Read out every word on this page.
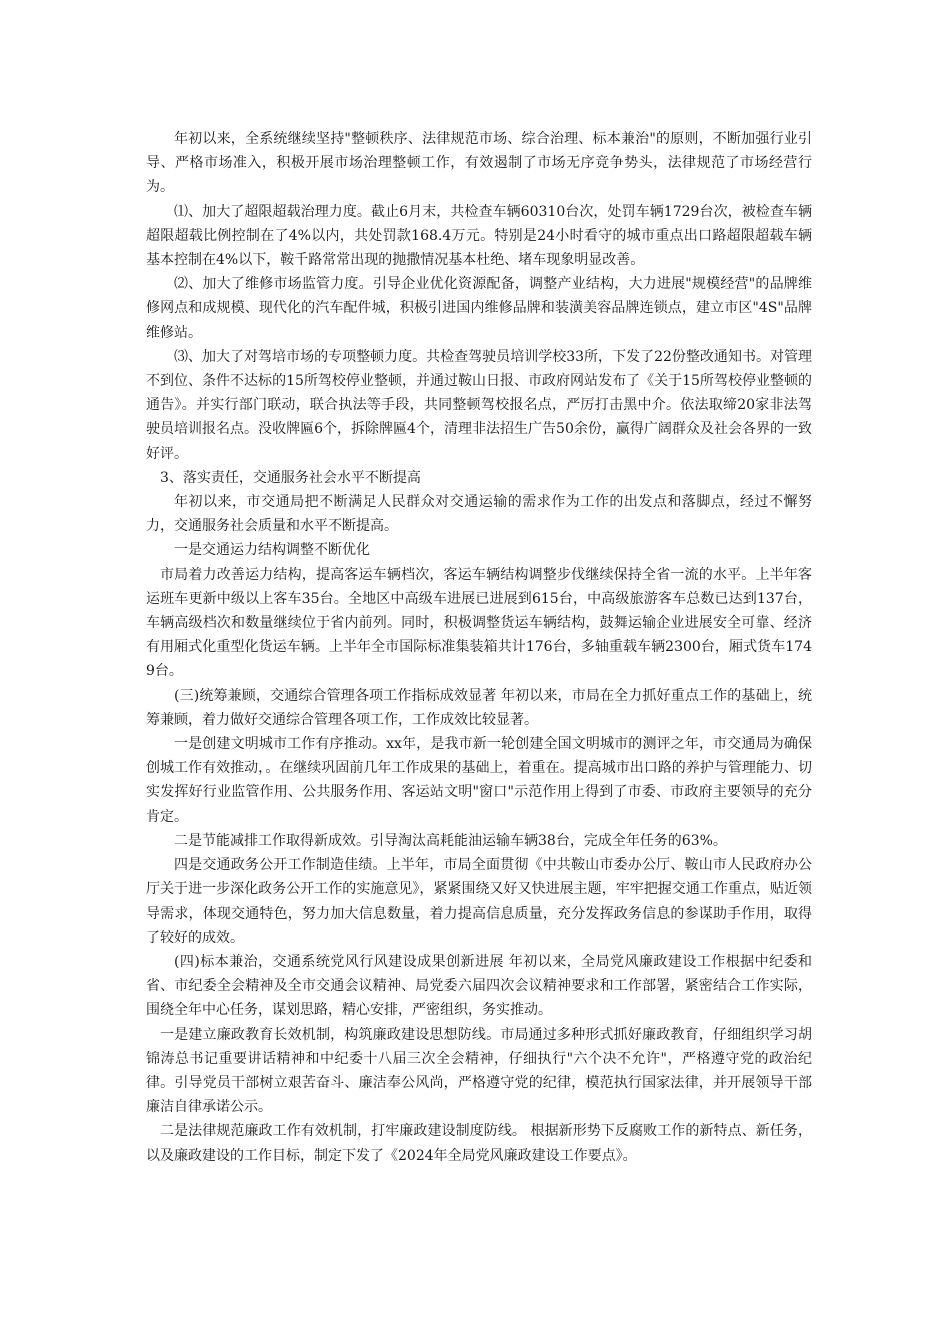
年初以来，全系统继续坚持"整顿秩序、法律规范市场、综合治理、标本兼治"的原则，不断加强行业引导、严格市场准入，积极开展市场治理整顿工作，有效遏制了市场无序竞争势头，法律规范了市场经营行为。

⑴、加大了超限超载治理力度。截止6月末，共检查车辆60310台次，处罚车辆1729台次，被检查车辆超限超载比例控制在了4%以内，共处罚款168.4万元。特别是24小时看守的城市重点出口路超限超载车辆基本控制在4%以下，鞍千路常常出现的抛撒情况基本杜绝、堵车现象明显改善。

⑵、加大了维修市场监管力度。引导企业优化资源配备，调整产业结构，大力进展"规模经营"的品牌维修网点和成规模、现代化的汽车配件城，积极引进国内维修品牌和装潢美容品牌连锁点，建立市区"4S"品牌维修站。

⑶、加大了对驾培市场的专项整顿力度。共检查驾驶员培训学校33所，下发了22份整改通知书。对管理不到位、条件不达标的15所驾校停业整顿，并通过鞍山日报、市政府网站发布了《关于15所驾校停业整顿的通告》。并实行部门联动，联合执法等手段，共同整顿驾校报名点，严厉打击黑中介。依法取缔20家非法驾驶员培训报名点。没收牌匾6个，拆除牌匾4个，清理非法招生广告50余份，赢得广阔群众及社会各界的一致好评。

3、落实责任，交通服务社会水平不断提高

年初以来，市交通局把不断满足人民群众对交通运输的需求作为工作的出发点和落脚点，经过不懈努力，交通服务社会质量和水平不断提高。

一是交通运力结构调整不断优化

市局着力改善运力结构，提高客运车辆档次，客运车辆结构调整步伐继续保持全省一流的水平。上半年客运班车更新中级以上客车35台。全地区中高级车进展已进展到615台，中高级旅游客车总数已达到137台，车辆高级档次和数量继续位于省内前列。同时，积极调整货运车辆结构，鼓舞运输企业进展安全可靠、经济有用厢式化重型化货运车辆。上半年全市国际标准集装箱共计176台，多轴重载车辆2300台，厢式货车1749台。

(三)统筹兼顾，交通综合管理各项工作指标成效显著 年初以来，市局在全力抓好重点工作的基础上，统筹兼顾，着力做好交通综合管理各项工作，工作成效比较显著。

一是创建文明城市工作有序推动。xx年，是我市新一轮创建全国文明城市的测评之年，市交通局为确保创城工作有效推动，。在继续巩固前几年工作成果的基础上，着重在。提高城市出口路的养护与管理能力、切实发挥好行业监管作用、公共服务作用、客运站文明"窗口"示范作用上得到了市委、市政府主要领导的充分肯定。

二是节能减排工作取得新成效。引导淘汰高耗能油运输车辆38台，完成全年任务的63%。

四是交通政务公开工作制造佳绩。上半年，市局全面贯彻《中共鞍山市委办公厅、鞍山市人民政府办公厅关于进一步深化政务公开工作的实施意见》，紧紧围绕又好又快进展主题，牢牢把握交通工作重点，贴近领导需求，体现交通特色，努力加大信息数量，着力提高信息质量，充分发挥政务信息的参谋助手作用，取得了较好的成效。

(四)标本兼治，交通系统党风行风建设成果创新进展 年初以来，全局党风廉政建设工作根据中纪委和省、市纪委全会精神及全市交通会议精神、局党委六届四次会议精神要求和工作部署，紧密结合工作实际，围绕全年中心任务，谋划思路，精心安排，严密组织，务实推动。

一是建立廉政教育长效机制，构筑廉政建设思想防线。市局通过多种形式抓好廉政教育，仔细组织学习胡锦涛总书记重要讲话精神和中纪委十八届三次全会精神，仔细执行"六个决不允许"，严格遵守党的政治纪律。引导党员干部树立艰苦奋斗、廉洁奉公风尚，严格遵守党的纪律，模范执行国家法律，并开展领导干部廉洁自律承诺公示。

二是法律规范廉政工作有效机制，打牢廉政建设制度防线。 根据新形势下反腐败工作的新特点、新任务，以及廉政建设的工作目标，制定下发了《2024年全局党风廉政建设工作要点》。
